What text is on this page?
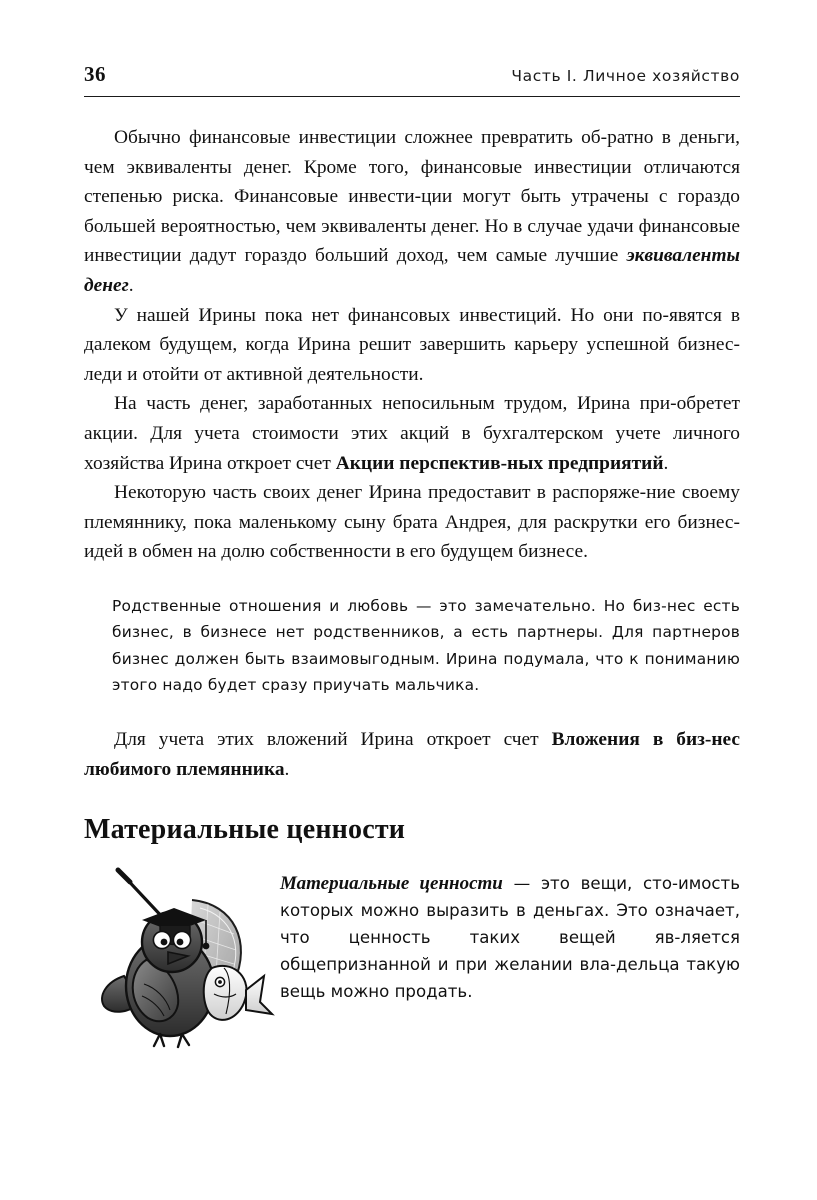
36	Часть I. Личное хозяйство

Обычно финансовые инвестиции сложнее превратить об-ратно в деньги, чем эквиваленты денег. Кроме того, финансовые инвестиции отличаются степенью риска. Финансовые инвести-ции могут быть утрачены с гораздо большей вероятностью, чем эквиваленты денег. Но в случае удачи финансовые инвестиции дадут гораздо больший доход, чем самые лучшие эквиваленты денег.

У нашей Ирины пока нет финансовых инвестиций. Но они по-явятся в далеком будущем, когда Ирина решит завершить карьеру успешной бизнес-леди и отойти от активной деятельности.

На часть денег, заработанных непосильным трудом, Ирина при-обретет акции. Для учета стоимости этих акций в бухгалтерском учете личного хозяйства Ирина откроет счет Акции перспектив-ных предприятий.

Некоторую часть своих денег Ирина предоставит в распоряже-ние своему племяннику, пока маленькому сыну брата Андрея, для раскрутки его бизнес-идей в обмен на долю собственности в его будущем бизнесе.

Родственные отношения и любовь — это замечательно. Но биз-нес есть бизнес, в бизнесе нет родственников, а есть партнеры. Для партнеров бизнес должен быть взаимовыгодным. Ирина подумала, что к пониманию этого надо будет сразу приучать мальчика.

Для учета этих вложений Ирина откроет счет Вложения в биз-нес любимого племянника.

Материальные ценности

Материальные ценности — это вещи, сто-имость которых можно выразить в деньгах. Это означает, что ценность таких вещей яв-ляется общепризнанной и при желании вла-дельца такую вещь можно продать.
